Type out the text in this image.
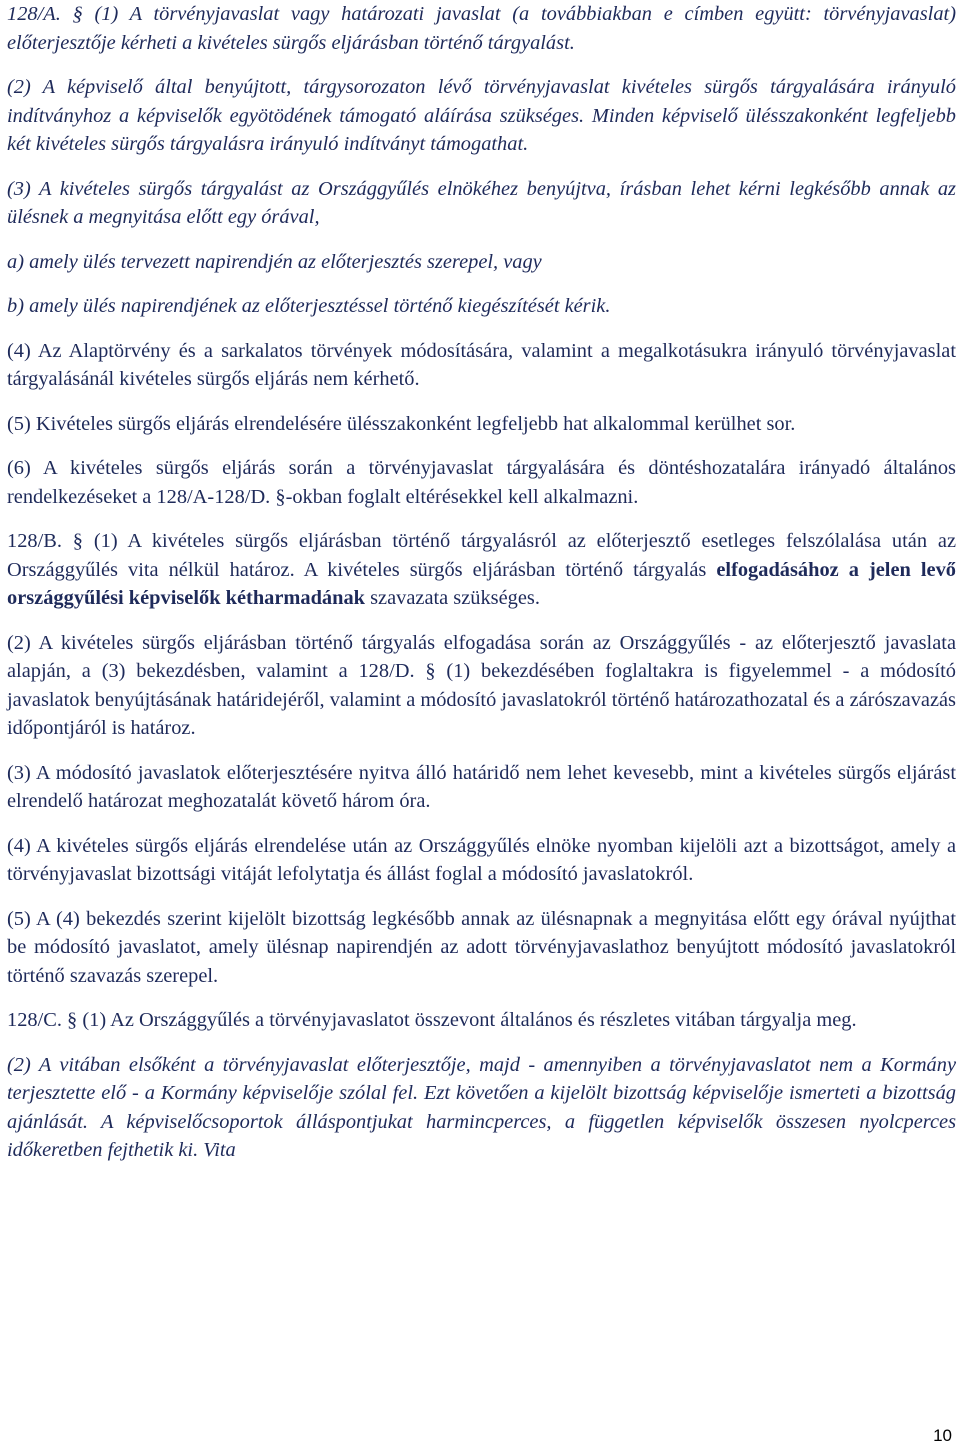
128/A. § (1) A törvényjavaslat vagy határozati javaslat (a továbbiakban e címben együtt: törvényjavaslat) előterjesztője kérheti a kivételes sürgős eljárásban történő tárgyalást.

(2) A képviselő által benyújtott, tárgysorozaton lévő törvényjavaslat kivételes sürgős tárgyalására irányuló indítványhoz a képviselők egyötödének támogató aláírása szükséges. Minden képviselő ülésszakonként legfeljebb két kivételes sürgős tárgyalásra irányuló indítványt támogathat.

(3) A kivételes sürgős tárgyalást az Országgyűlés elnökéhez benyújtva, írásban lehet kérni legkésőbb annak az ülésnek a megnyitása előtt egy órával,

a) amely ülés tervezett napirendjén az előterjesztés szerepel, vagy

b) amely ülés napirendjének az előterjesztéssel történő kiegészítését kérik.

(4) Az Alaptörvény és a sarkalatos törvények módosítására, valamint a megalkotásukra irányuló törvényjavaslat tárgyalásánál kivételes sürgős eljárás nem kérhető.

(5) Kivételes sürgős eljárás elrendelésére ülésszakonként legfeljebb hat alkalommal kerülhet sor.

(6) A kivételes sürgős eljárás során a törvényjavaslat tárgyalására és döntéshozatalára irányadó általános rendelkezéseket a 128/A-128/D. §-okban foglalt eltérésekkel kell alkalmazni.

128/B. § (1) A kivételes sürgős eljárásban történő tárgyalásról az előterjesztő esetleges felszólalása után az Országgyűlés vita nélkül határoz. A kivételes sürgős eljárásban történő tárgyalás elfogadásához a jelen levő országgyűlési képviselők kétharmadának szavazata szükséges.

(2) A kivételes sürgős eljárásban történő tárgyalás elfogadása során az Országgyűlés - az előterjesztő javaslata alapján, a (3) bekezdésben, valamint a 128/D. § (1) bekezdésében foglaltakra is figyelemmel - a módosító javaslatok benyújtásának határidejéről, valamint a módosító javaslatokról történő határozathozatal és a zárószavazás időpontjáról is határoz.

(3) A módosító javaslatok előterjesztésére nyitva álló határidő nem lehet kevesebb, mint a kivételes sürgős eljárást elrendelő határozat meghozatalát követő három óra.

(4) A kivételes sürgős eljárás elrendelése után az Országgyűlés elnöke nyomban kijelöli azt a bizottságot, amely a törvényjavaslat bizottsági vitáját lefolytatja és állást foglal a módosító javaslatokról.

(5) A (4) bekezdés szerint kijelölt bizottság legkésőbb annak az ülésnapnak a megnyitása előtt egy órával nyújthat be módosító javaslatot, amely ülésnap napirendjén az adott törvényjavaslathoz benyújtott módosító javaslatokról történő szavazás szerepel.

128/C. § (1) Az Országgyűlés a törvényjavaslatot összevont általános és részletes vitában tárgyalja meg.

(2) A vitában elsőként a törvényjavaslat előterjesztője, majd - amennyiben a törvényjavaslatot nem a Kormány terjesztette elő - a Kormány képviselője szólal fel. Ezt követően a kijelölt bizottság képviselője ismerteti a bizottság ajánlását. A képviselőcsoportok álláspontjukat harmincperces, a független képviselők összesen nyolcperces időkeretben fejthetik ki. Vita

10
